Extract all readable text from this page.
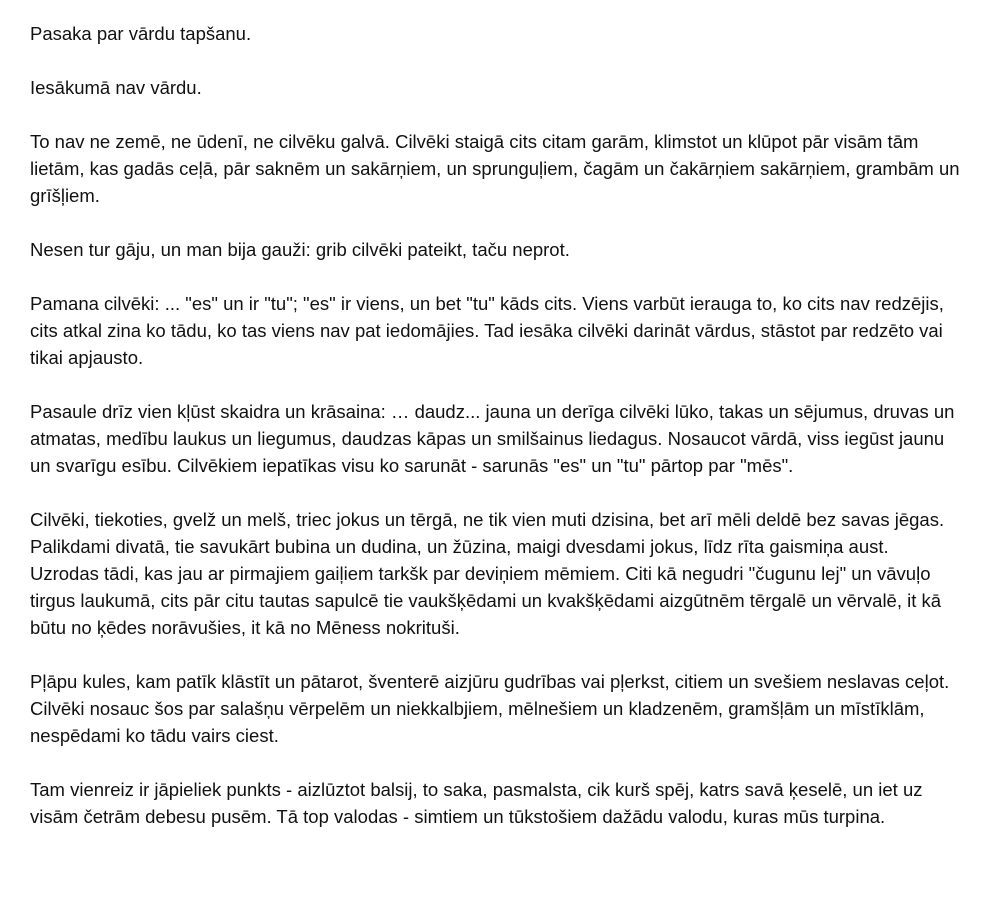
Pasaka par vārdu tapšanu.

Iesākumā nav vārdu.

To nav ne zemē, ne ūdenī, ne cilvēku galvā. Cilvēki staigā cits citam garām, klimstot un klūpot pār visām tām lietām, kas gadās ceļā, pār saknēm un sakārņiem, un sprunguļiem, čagām un čakārņiem sakārņiem, grambām un grīšļiem.

Nesen tur gāju, un man bija gauži: grib cilvēki pateikt, taču neprot.

Pamana cilvēki: ... "es" un ir "tu"; "es" ir viens, un bet "tu" kāds cits. Viens varbūt ierauga to, ko cits nav redzējis, cits atkal zina ko tādu, ko tas viens nav pat iedomājies. Tad iesāka cilvēki darināt vārdus, stāstot par redzēto vai tikai apjausto.

Pasaule drīz vien kļūst skaidra un krāsaina: … daudz... jauna un derīga cilvēki lūko, takas un sējumus, druvas un atmatas, medību laukus un liegumus, daudzas kāpas un smilšainus liedagus. Nosaucot vārdā, viss iegūst jaunu un svarīgu esību. Cilvēkiem iepatīkas visu ko sarunāt - sarunās "es" un "tu" pārtop par "mēs".

Cilvēki, tiekoties, gvelž un melš, triec jokus un tērgā, ne tik vien muti dzisina, bet arī mēli deldē bez savas jēgas. Palikdami divatā, tie savukārt bubina un dudina, un žūzina, maigi dvesdami jokus, līdz rīta gaismiņa aust. Uzrodas tādi, kas jau ar pirmajiem gaiļiem tarkšk par deviņiem mēmiem. Citi kā negudri "čugunu lej" un vāvuļo tirgus laukumā, cits pār citu tautas sapulcē tie vaukšķēdami un kvakšķēdami aizgūtnēm tērgalē un vērvalē, it kā būtu no ķēdes norāvušies, it kā no Mēness nokrituši.

Pļāpu kules, kam patīk klāstīt un pātarot, šventerē aizjūru gudrības vai pļerkst, citiem un svešiem neslavas ceļot. Cilvēki nosauc šos par salašņu vērpelēm un niekkalbjiem, mēlnešiem un kladzenēm, gramšļām un mīstīklām, nespēdami ko tādu vairs ciest.

Tam vienreiz ir jāpieliek punkts - aizlūztot balsij, to saka, pasmalsta, cik kurš spēj, katrs savā ķeselē, un iet uz visām četrām debesu pusēm. Tā top valodas - simtiem un tūkstošiem dažādu valodu, kuras mūs turpina.
